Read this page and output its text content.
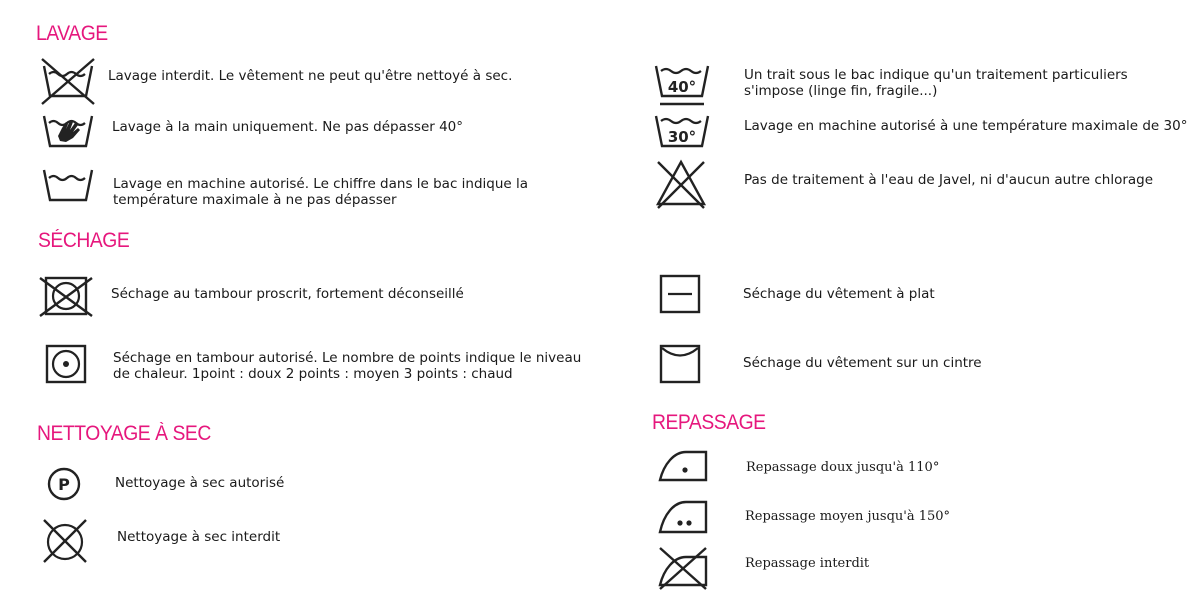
LAVAGE
SÉCHAGE
NETTOYAGE À SEC	REPASSAGE

Lavage interdit. Le vêtement ne peut qu'être nettoyé à sec.

Lavage à la main uniquement. Ne pas dépasser 40°

Lavage en machine autorisé. Le chiffre dans le bac indique la température maximale à ne pas dépasser

40°

Un trait sous le bac indique qu'un traitement particuliers s'impose (linge fin, fragile...)

30°

Lavage en machine autorisé à une température maximale de 30°

Pas de traitement à l'eau de Javel, ni d'aucun autre chlorage

Séchage au tambour proscrit, fortement déconseillé

Séchage en tambour autorisé. Le nombre de points indique le niveau de chaleur. 1point : doux 2 points : moyen 3 points : chaud

Séchage du vêtement à plat

Séchage du vêtement sur un cintre

P	Nettoyage à sec autorisé

Nettoyage à sec interdit

Repassage doux jusqu'à 110°

Repassage moyen jusqu'à 150°

Repassage interdit
